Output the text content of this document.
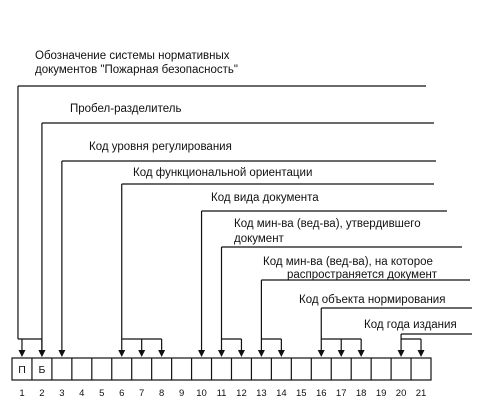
Обозначение системы нормативных
документов "Пожарная безопасность"
Пробел-разделитель
Код уровня регулирования
Код функциональной ориентации
Код вида документа
Код мин-ва (вед-ва), утвердившего
документ
Код мин-ва (вед-ва), на которое
распространяется документ
Код объекта нормирования
Код года издания
П Б
1 2 3 4 5 6 7 8 9 10 11 12 13 14 15 16 17 18 19 20 21
